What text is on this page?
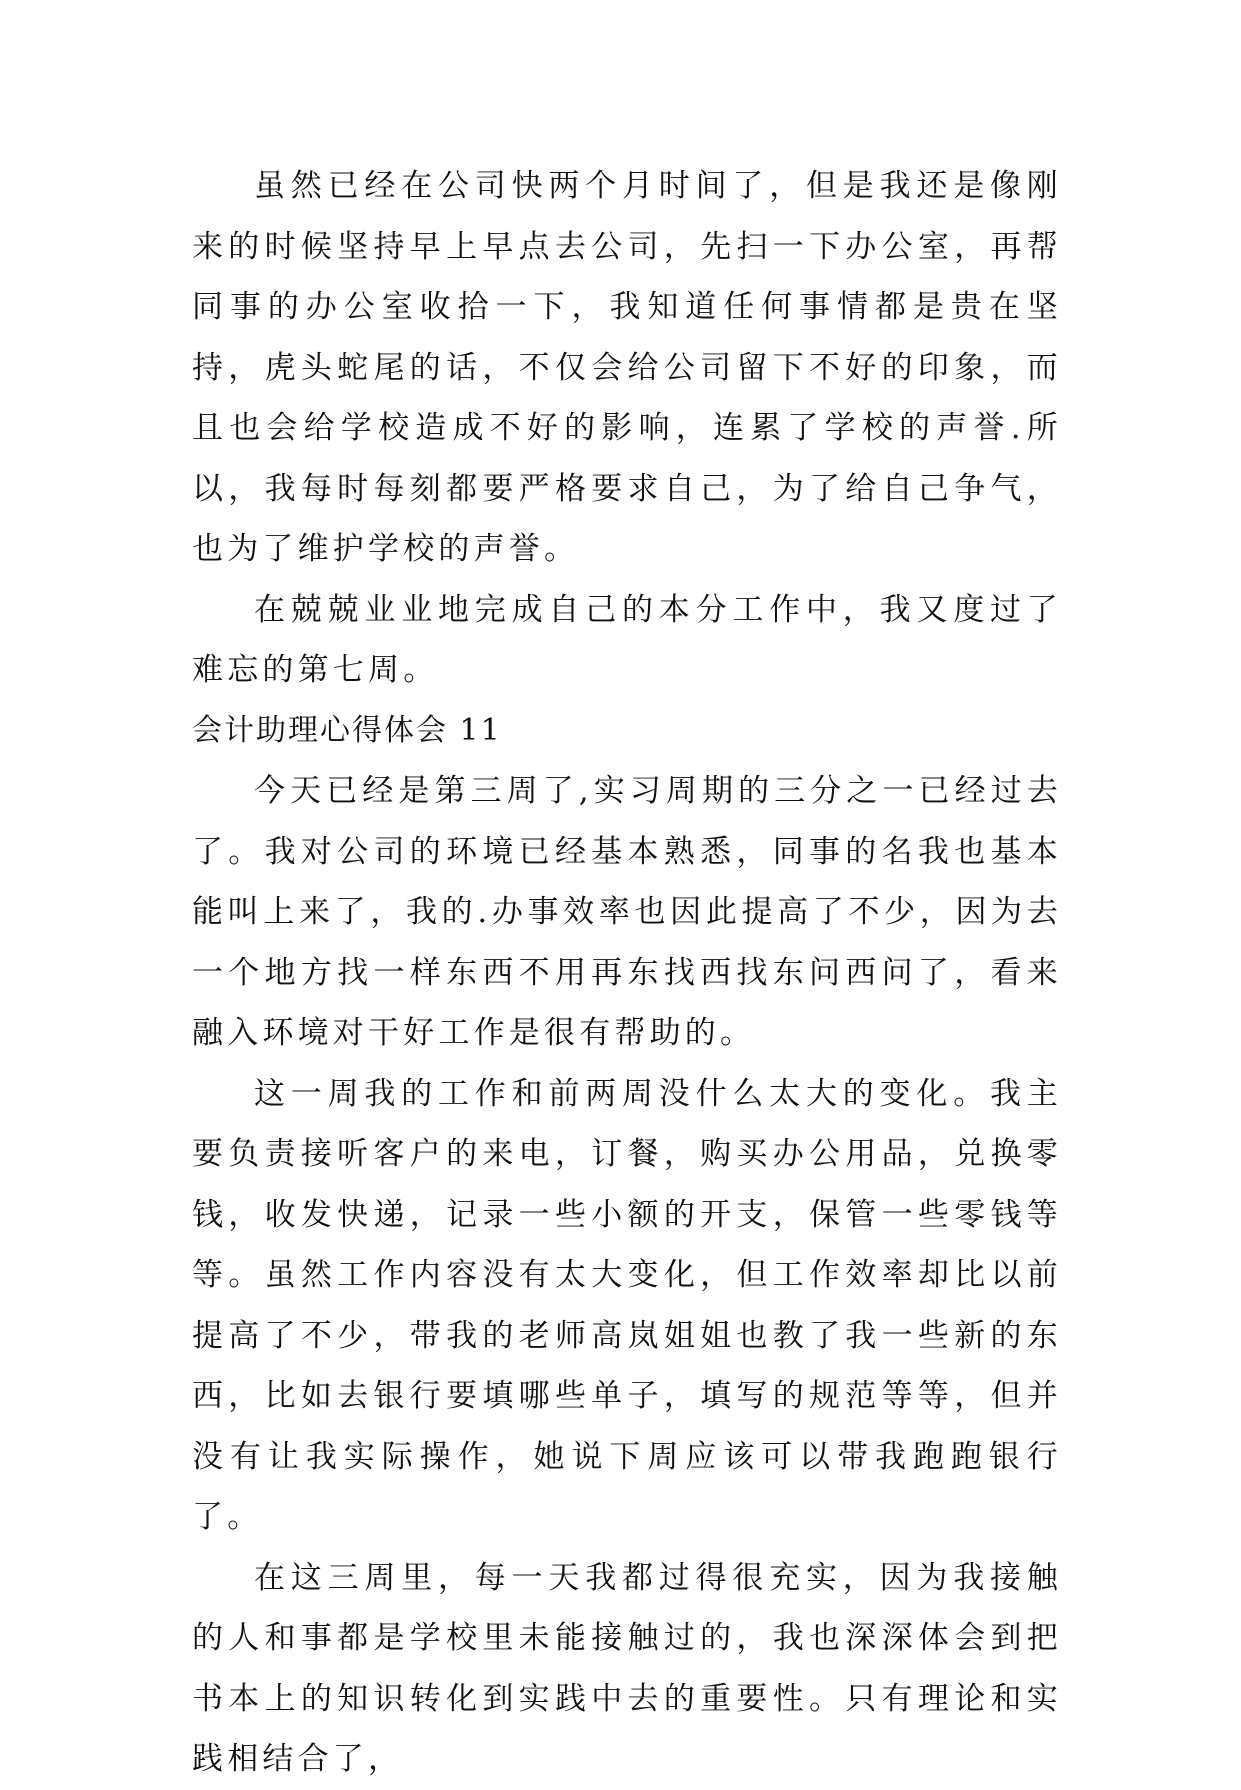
虽然已经在公司快两个月时间了，但是我还是像刚来的时候坚持早上早点去公司，先扫一下办公室，再帮同事的办公室收拾一下，我知道任何事情都是贵在坚持，虎头蛇尾的话，不仅会给公司留下不好的印象，而且也会给学校造成不好的影响，连累了学校的声誉.所以，我每时每刻都要严格要求自己，为了给自己争气，也为了维护学校的声誉。

在兢兢业业地完成自己的本分工作中，我又度过了难忘的第七周。

会计助理心得体会 11

今天已经是第三周了,实习周期的三分之一已经过去了。我对公司的环境已经基本熟悉，同事的名我也基本能叫上来了，我的.办事效率也因此提高了不少，因为去一个地方找一样东西不用再东找西找东问西问了，看来融入环境对干好工作是很有帮助的。

这一周我的工作和前两周没什么太大的变化。我主要负责接听客户的来电，订餐，购买办公用品，兑换零钱，收发快递，记录一些小额的开支，保管一些零钱等等。虽然工作内容没有太大变化，但工作效率却比以前提高了不少，带我的老师高岚姐姐也教了我一些新的东西，比如去银行要填哪些单子，填写的规范等等，但并没有让我实际操作，她说下周应该可以带我跑跑银行了。

在这三周里，每一天我都过得很充实，因为我接触的人和事都是学校里未能接触过的，我也深深体会到把书本上的知识转化到实践中去的重要性。只有理论和实践相结合了，
